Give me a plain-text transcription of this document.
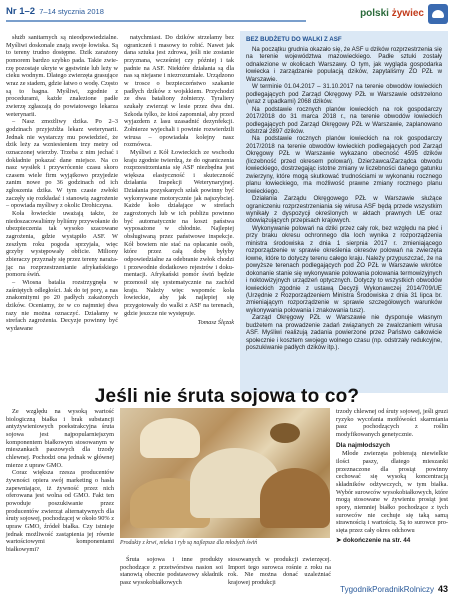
Nr 1–2 7–14 stycznia 2018	polski żywiec

służb sanitarnych są nieodpowiedzialne. Myśliwi doskonale znają swoje łowiska. Są to tereny trudno dostępne. Dzik zarażony pomorem bardzo szybko pada. Takie zwierzę pozostaje ukryte w gęstwinie lub leży w cieku wodnym. Dlatego zwierzęta grasujące wraz ze stadem, gdzie łatwo o wodę. Często są to bagna. Myśliwi, zgodnie z procedurami, każde znalezione padłe zwierzę zgłaszają do powiatowego lekarza weterynarii.

– Nasz zmożliwy dzika. Po 2–3 godzinach przyjeżdża lekarz weterynarii. Jednak nie wystarczy mu powiedzieć, że dzik leży za wzniesieniem trzy metry od oznaczonej wierzby. Trzeba z nim jechać i dokładnie pokazać dane miejsce. Na co nasz wysiłek i przywrócenie czasu skoro czasem wiele firm wyjątkowo przyjedzie zanim nowe po 36 godzinach od ich zgłoszenia dzika. W tym czasie zwłoki zaczęły się rozkładać i stanowią zagrożenie – opowiada myśliwy z okolic Drohiczyna.

Koła łowieckie uważają także, że niedoszacowaliśmy byliśmy przywołanie do ubezpieczenia tak wysoko szacowane zagrożenia, gdzie wystąpiło ASF. W zeszłym roku pogoda sprzyjała, więc grzyby występowały obficie. Miliony zbieraczy przyznały się przez tereny narażając na rozprzestrzenianie afrykańskiego pomoru świń.

– Wiosna batalia rozstrzygnęła w zaśniętych odległości. Jak do tej pory, a nas znakomitymi po 20 padłych zakażonych dzików. Oceniamy, że w co najmniej dwa razy nie można oznaczyć. Działamy w strefach zagrożenia. Decyzje powinny być wydawane

natychmiast. Do dzików strzelamy bez ograniczeń i masowy to robić. Nawet jak dana sztuka jest zdrowa, jeśli nie zostanie przyznana, wcześniej czy później i tak padnie na ASF. Niektóre działania są dla nas są niejasne i niezrozumiałe. Urządzono w trosce o bezpieczeństwo szakanie padłych dzików z wojskkiem. Przychodzi ze dwa bataliony żołnierzy. Tyraliery szukały zwierząt w lesie przez dwa dni. Szkoda tylko, że ktoś zapomniał, aby przed wyjazdem z lasu uzasadnić dezynfekcji. Żołnierze wyjechali i powinie rozwierdzili wirusa – opowiadała kolejny nasz rozmówca.

Myśliwi z Kół Łowieckich ze wschodu kraju zgodnie twierdzą, że do ograniczenia rozprzestrzeniania się ASF niezbędna jest większa elastyczność i skuteczność działania Inspekcji Weterynaryjnej. Działania pozyskanych szłak powinny być wykonywane motorycznie jak najszybciej. Każde koło działające w strefach zagrożonych lub w ich pobliżu powinno być automatycznie na koszt państwa wyposażone w chłodnie. Najlepiej obsługiwaną przez państwowe inspekcje. Kół bowiem nie stać na opłacanie osób, które przez całą dobę byłyby odpowiedzialne za odebranie zwłok chodzi i przewodnie dodatkowo rejestrów i dokumentacji. Afrykański pomór świń będzie przenosił się systematycznie na zachód kraju. Należy więc wspomóc koła łowieckie, aby jak najlepiej się przygotowały do walki z ASF na terenach, gdzie jeszcze nie występuje.

Tomasz Ślęzak
BEZ BUDŻETU DO WALKI Z ASF

Na początku grudnia okazało się, że ASF u dzików rozprzestrzenia się na terenie województwa mazowieckiego. Padłe sztuki zostały odnalezione w okolicach Warszawy. O tym, jak wygląda gospodarka łowiecka i zarządzanie populacją dzików, zapytaliśmy ZO PZŁ w Warszawie.

W terminie 01.04.2017 – 31.10.2017 na terenie obwodów łowieckich podlegających pod Zarząd Okręgowy PZŁ w Warszawie odstrzelono (wraz z upadkami) 2068 dzików.

Na podstawie rocznych planów łowieckich na rok gospodarczy 2017/2018 do 31 marca 2018 r., na terenie obwodów łowieckich podlegających pod Zarząd Okręgowy PZŁ w Warszawie, zaplanowano odstrzał 2897 dzików.

Na podstawie rocznych planów łowieckich na rok gospodarczy 2017/2018 na terenie obwodów łowieckich podlegających pod Zarząd Okręgowy PZŁ w Warszawie wykazano obecność 4595 dzików (liczebność przed okresem polowań). Dzierżawca/Zarządca obwodu łowieckiego, dostrzegając istotne zmiany w liczebności danego gatunku zwierzyny, które mogą skutkować trudnościami w wykonaniu rocznego planu łowieckiego, ma możliwość prawne zmiany rocznego planu łowieckiego.

Działania Zarządu Okręgowego PZŁ w Warszawie służące ograniczeniu rozprzestrzeniania się wirusa ASF będą przede wszystkim wynikały z dyspozycji określonych w aktach prawnych UE oraz obowiązujących przepisach krajowych.

Wykonywanie polowań na dziki przez cały rok, bez względu na płeć i przy braku okresu ochronnego dla loch wynika z rozporządzenia ministra środowiska z dnia 1 sierpnia 2017 r. zmieniającego rozporządzenie w sprawie określenia okresów polowań na zwierzęta łowne, które to dotyczy terenu całego kraju. Należy przypuszczać, że na powyższe terenach podlegających pod ZO PZŁ w Warszawie wkrótce dokonanie stanie się wykonywanie polowania polowania termowizyjnych i noktowizyjnych urządzeń optycznych. Dotyczy to wszystkich obwodów łowieckich zgodnie z ustawą Decyzji Wykonawczej 2014/709/UE (Urzędnie z Rozporządzeniem Ministra Środowiska z dnia 31 lipca br. zmieniającym rozporządzenie w sprawie szczegółowych warunków wykonywania polowania i znakowania tusz).

Zarząd Okręgowy PZŁ w Warszawie nie dysponuje własnym budżetem na prowadzenie zadań związanych ze zwalczaniem wirusa ASF. Myśliwi realizują zadania powierzone przez Państwo całkowicie społecznie i kosztem swojego wolnego czasu (np. odstrzały redukcyjne, poszukiwanie padłych dzików itp.).

Jeśli nie śruta sojowa to co?

Ze względu na wysoką wartość biologiczną białka i brak substancji antyżywieniowych poekstrakcyjna śruta sojowa jest najpopularniejszym komponentem białkowym stosowanym w mieszankach paszowych dla trzody chlewnej. Pochodzi ona jednak w głównej mierze z upraw GMO.

Coraz większa rzesza producentów żywności opiera swój marketing o hasła zapewniające, iż żywność przez nich oferowana jest wolna od GMO. Fakt ten powoduje poszukiwanie przez producentów zwierząt alternatywnych dla śruty sojowej, pochodzącej w około 90% z upraw GMO, źródeł białka. Czy istnieje jednak możliwość zastąpienia jej równie wartościowymi komponentami białkowymi?

Produkty z krwi, mleka i ryb są najlepsze dla młodych świń

Śruta sojowa i inne produkty pochodzące z przetwórstwa nasion soi stanowią obecnie podstawowy składnik pasz wysokobiałkowych

stosowanych w produkcji zwierzęcej. Import tego surowca rośnie z roku na rok. Nie można donać uzależniać krajowej produkcji

trzody chlewnej od śruty sojowej, jeśli gruzi ryzyko wycofania motłówości skarmiania pasz pochodzących z roślin modyfikowanych genetycznie.

Dla najmłodszych

Młode zwierzęta pobierają niewielkie ilości paszy, dlatego mieszanki przeznaczone dla prosiąt powinny cechować się wysoką koncentracją składników odżywczych, w tym białka. Wybór surowców wysokobiałkowych, które mogą stosowane w żywieniu prosiąt jest spory, niemniej białko pochodzące z tych surowców nie cechuje się taką samą strawnością i wartością. Są to surowce prosięta przez cały okres odchowu

➤ dokończenie na str. 44
TygodnikPoradnikRolniczy 43
